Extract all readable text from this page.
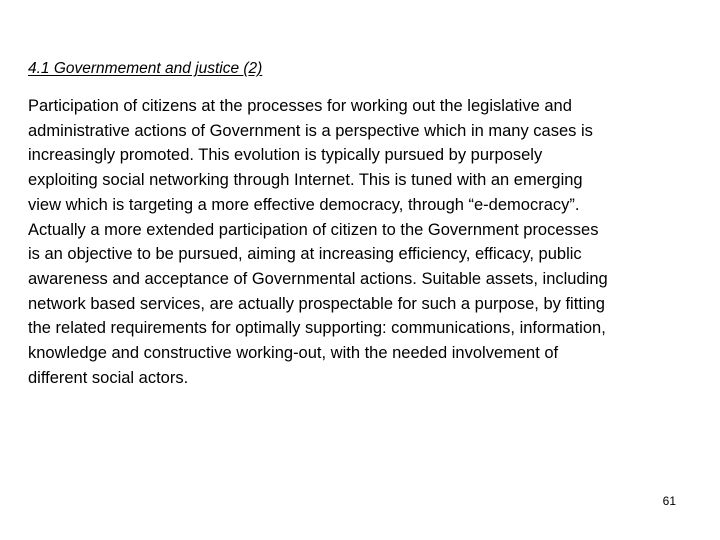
4.1 Governmement and justice (2)
Participation of citizens at the processes for working out the legislative and
administrative actions of Government is a perspective which in many cases is
increasingly promoted. This evolution is typically pursued by purposely
exploiting social networking through Internet. This is tuned with an emerging
view which is targeting a more effective democracy, through “e-democracy”.
Actually a more extended participation of citizen to the Government processes
is an objective to be pursued, aiming at increasing efficiency, efficacy, public
awareness and acceptance of Governmental actions. Suitable assets, including
network based services, are actually prospectable for such a purpose, by fitting
the related requirements for optimally supporting: communications, information,
knowledge and constructive working-out, with the needed involvement of
different social actors.
61
